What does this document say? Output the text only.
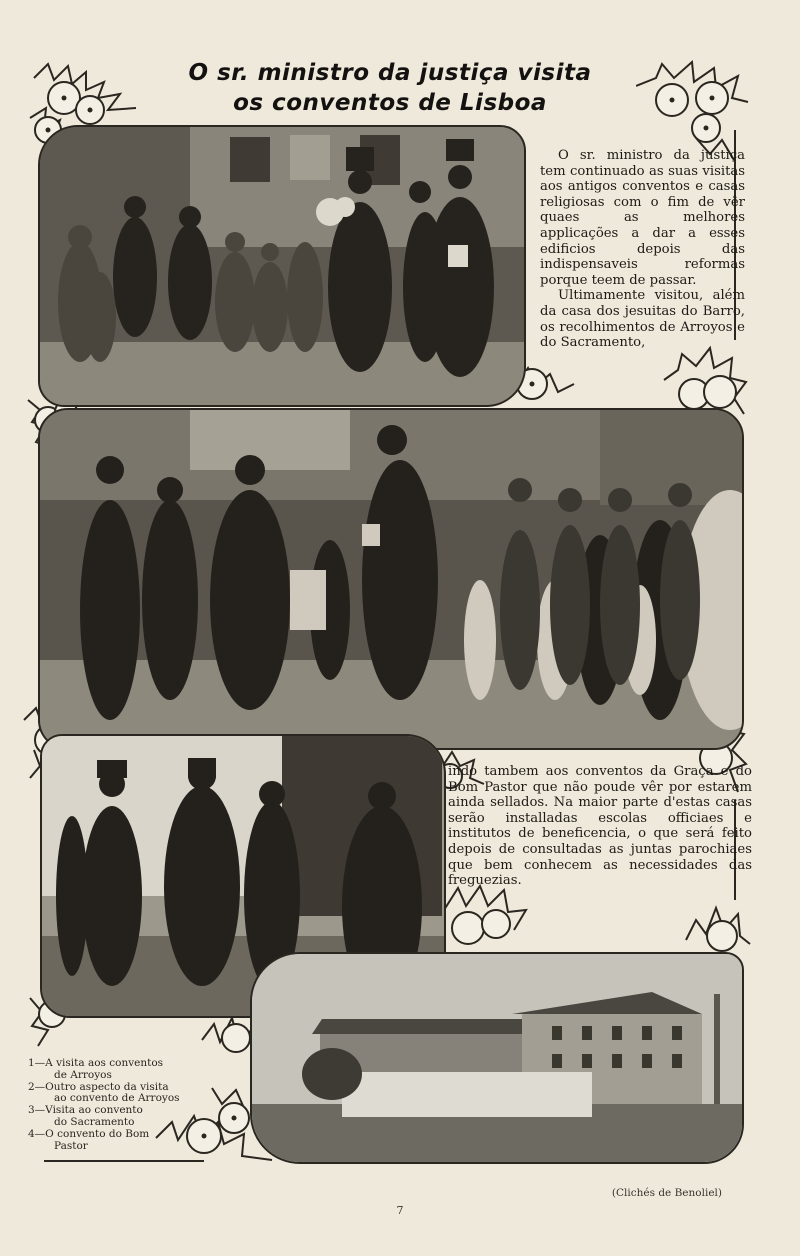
O sr. ministro da justiça visita
os conventos de Lisboa

O sr. ministro da justiça tem continuado as suas visitas aos antigos conventos e casas religiosas com o fim de vêr quaes as melhores applicações a dar a esses edificios depois das indispensaveis reformas porque teem de passar.

Ultimamente visitou, além da casa dos jesuitas do Barro, os recolhimentos de Arroyos e do Sacramento,

indo tambem aos conventos da Graça e do Bom Pastor que não poude vêr por estarem ainda sellados. Na maior parte d'estas casas serão installadas escolas officiaes e institutos de beneficencia, o que será feito depois de consultadas as juntas parochiaes que bem conhecem as necessidades das freguezias.

1—A visita aos conventos
de Arroyos
2—Outro aspecto da visita
ao convento de Arroyos
3—Visita ao convento
do Sacramento
4—O convento do Bom
Pastor
(Clichés de Benoliel)
7
